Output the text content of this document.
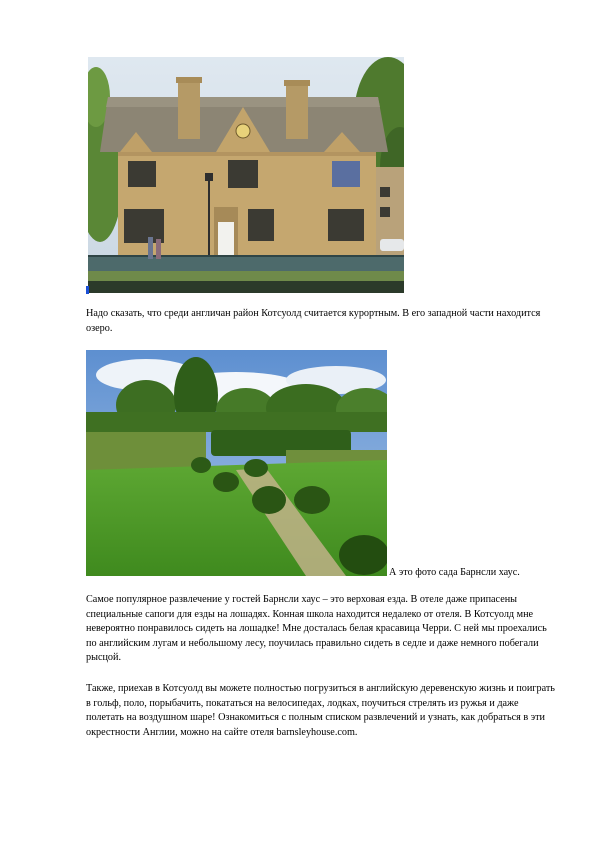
Надо сказать, что среди англичан район Котсуолд считается курортным. В его западной части находится озеро.

А это фото сада Барнсли хаус.

Самое популярное развлечение у гостей Барнсли хаус – это верховая езда. В отеле даже припасены специальные сапоги для езды на лошадях. Конная школа находится недалеко от отеля. В Котсуолд мне невероятно понравилось сидеть на лошадке! Мне досталась белая красавица Черри. С ней мы проехались по английским лугам и небольшому лесу, поучилась правильно сидеть в седле и даже немного побегали рысцой.

Также, приехав в Котсуолд вы можете полностью погрузиться в английскую деревенскую жизнь и поиграть в гольф, поло, порыбачить, покататься на велосипедах, лодках, поучиться стрелять из ружья и даже полетать на воздушном шаре! Ознакомиться с полным списком развлечений и узнать, как добраться в эти окрестности Англии, можно на сайте отеля barnsleyhouse.com.
